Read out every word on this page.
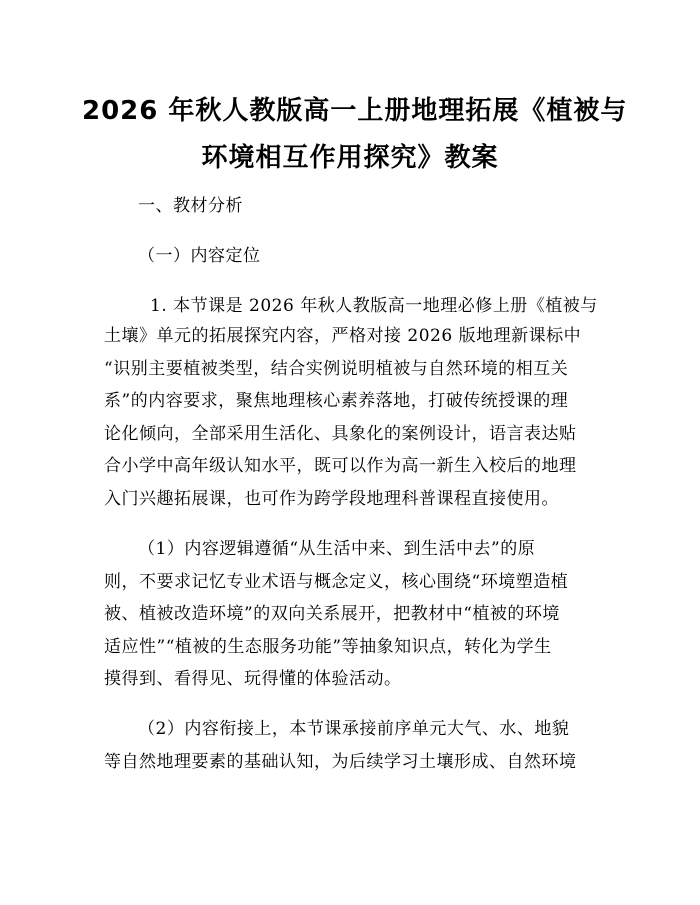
2026 年秋人教版高一上册地理拓展《植被与
环境相互作用探究》教案

一、教材分析

（一）内容定位

1. 本节课是 2026 年秋人教版高一地理必修上册《植被与

土壤》单元的拓展探究内容，严格对接 2026 版地理新课标中

“识别主要植被类型，结合实例说明植被与自然环境的相互关

系”的内容要求，聚焦地理核心素养落地，打破传统授课的理

论化倾向，全部采用生活化、具象化的案例设计，语言表达贴

合小学中高年级认知水平，既可以作为高一新生入校后的地理

入门兴趣拓展课，也可作为跨学段地理科普课程直接使用。

（1）内容逻辑遵循“从生活中来、到生活中去”的原

则，不要求记忆专业术语与概念定义，核心围绕“环境塑造植

被、植被改造环境”的双向关系展开，把教材中“植被的环境

适应性”“植被的生态服务功能”等抽象知识点，转化为学生

摸得到、看得见、玩得懂的体验活动。

（2）内容衔接上，本节课承接前序单元大气、水、地貌

等自然地理要素的基础认知，为后续学习土壤形成、自然环境
